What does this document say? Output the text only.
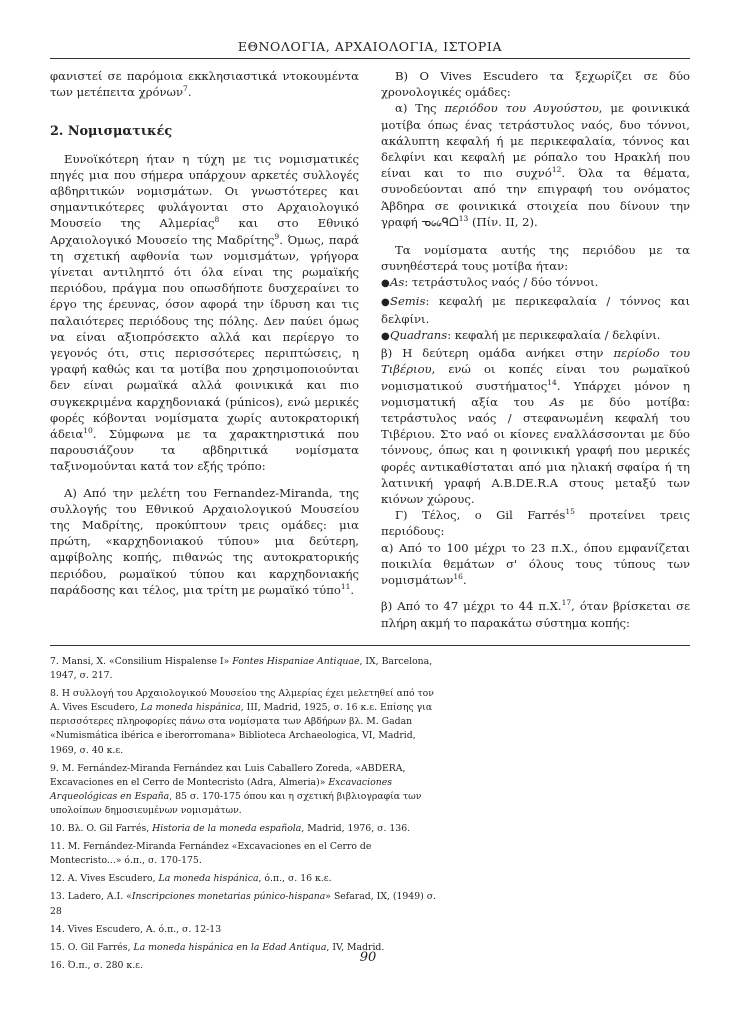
ΕΘΝΟΛΟΓΙΑ, ΑΡΧΑΙΟΛΟΓΙΑ, ΙΣΤΟΡΙΑ

φανιστεί σε παρόμοια εκκλησιαστικά ντοκουμέντα των μετέπειτα χρόνων$^7$.

2. Νομισματικές

Ευνοϊκότερη ήταν η τύχη με τις νομισματικές πηγές μια που σήμερα υπάρχουν αρκετές συλλογές αβδηριτικών νομισμάτων. Οι γνωστότερες και σημαντικότερες φυλάγονται στο Αρχαιολογικό Μουσείο της Αλμερίας$^8$ και στο Εθνικό Αρχαιολογικό Μουσείο της Μαδρίτης$^9$. Όμως, παρά τη σχετική αφθονία των νομισμάτων, γρήγορα γίνεται αντιληπτό ότι όλα είναι της ρωμαϊκής περιόδου, πράγμα που οπωσδήποτε δυσχεραίνει το έργο της έρευνας, όσον αφορά την ίδρυση και τις παλαιότερες περιόδους της πόλης. Δεν παύει όμως να είναι αξιοπρόσεκτο αλλά και περίεργο το γεγονός ότι, στις περισσότερες περιπτώσεις, η γραφή καθώς και τα μοτίβα που χρησιμοποιούνται δεν είναι ρωμαϊκά αλλά φοινικικά και πιο συγκεκριμένα καρχηδονιακά (púnicos), ενώ μερικές φορές κόβονται νομίσματα χωρίς αυτοκρατορική άδεια$^{10}$. Σύμφωνα με τα χαρακτηριστικά που παρουσιάζουν τα αβδηριτικά νομίσματα ταξινομούνται κατά τον εξής τρόπο:

A) Από την μελέτη του Fernandez-Miranda, της συλλογής του Εθνικού Αρχαιολογικού Μουσείου της Μαδρίτης, προκύπτουν τρεις ομάδες: μια πρώτη, «καρχηδονιακού τύπου» μια δεύτερη, αμφίβολης κοπής, πιθανώς της αυτοκρατορικής περιόδου, ρωμαϊκού τύπου και καρχηδονιακής παράδοσης και τέλος, μια τρίτη με ρωμαϊκό τύπο$^{11}$.

Β) Ο Vives Escudero τα ξεχωρίζει σε δύο χρονολογικές ομάδες:

α) Της περιόδου του Αυγούστου, με φοινικικά μοτίβα όπως ένας τετράστυλος ναός, δυο τόννοι, ακάλυπτη κεφαλή ή με περικεφαλαία, τόννος και δελφίνι και κεφαλή με ρόπαλο του Ηρακλή που είναι και το πιο συχνό$^{12}$. Όλα τα θέματα, συνοδεύονται από την επιγραφή του ονόματος Άβδηρα σε φοινικικά στοιχεία που δίνουν την γραφή ᓀ᥀᥀ᑫᗝ$^{13}$ (Πίν. II, 2).

Τα νομίσματα αυτής της περιόδου με τα συνηθέστερά τους μοτίβα ήταν:

●As: τετράστυλος ναός / δύο τόννοι.

●Semis: κεφαλή με περικεφαλαία / τόννος και δελφίνι.

●Quadrans: κεφαλή με περικεφαλαία / δελφίνι.

β) Η δεύτερη ομάδα ανήκει στην περίοδο του Τιβέριου, ενώ οι κοπές είναι του ρωμαϊκού νομισματικού συστήματος$^{14}$. Υπάρχει μόνον η νομισματική αξία του As με δύο μοτίβα: τετράστυλος ναός / στεφανωμένη κεφαλή του Τιβέριου. Στο ναό οι κίονες εναλλάσσονται με δύο τόννους, όπως και η φοινικική γραφή που μερικές φορές αντικαθίσταται από μια ηλιακή σφαίρα ή τη λατινική γραφή A.B.DE.R.A στους μεταξύ των κιόνων χώρους.

Γ) Τέλος, ο Gil Farrés$^{15}$ προτείνει τρεις περιόδους:

α) Από το 100 μέχρι το 23 π.Χ., όπου εμφανίζεται ποικιλία θεμάτων σ' όλους τους τύπους των νομισμάτων$^{16}$.

β) Από το 47 μέχρι το 44 π.Χ.$^{17}$, όταν βρίσκεται σε πλήρη ακμή το παρακάτω σύστημα κοπής:

7. Mansi, X. «Consilium Hispalense I» Fontes Hispaniae Antiquae, IX, Barcelona, 1947, σ. 217.

8. Η συλλογή του Αρχαιολογικού Μουσείου της Αλμερίας έχει μελετηθεί από τον A. Vives Escudero, La moneda hispánica, III, Madrid, 1925, σ. 16 κ.ε. Επίσης για περισσότερες πληροφορίες πάνω στα νομίσματα των Αβδήρων βλ. M. Gadan «Numismática ibérica e iberorromana» Biblioteca Archaeologica, VI, Madrid, 1969, σ. 40 κ.ε.

9. M. Fernández-Miranda Fernández και Luis Caballero Zoreda, «ABDERA, Excavaciones en el Cerro de Montecristo (Adra, Almeria)» Excavaciones Arqueológicas en España, 85 σ. 170-175 όπου και η σχετική βιβλιογραφία των υπολοίπων δημοσιευμένων νομισμάτων.

10. Βλ. O. Gil Farrés, Historia de la moneda española, Madrid, 1976, σ. 136.

11. M. Fernández-Miranda Fernández «Excavaciones en el Cerro de Montecristo...» ό.π., σ. 170-175.

12. A. Vives Escudero, La moneda hispánica, ό.π., σ. 16 κ.ε.

13. Ladero, A.I. «Inscripciones monetarias púnico-hispana» Sefarad, IX, (1949) σ. 28

14. Vives Escudero, A. ό.π., σ. 12-13

15. O. Gil Farrés, La moneda hispánica en la Edad Antiqua, IV, Madrid.

16. Ό.π., σ. 280 κ.ε.

90
